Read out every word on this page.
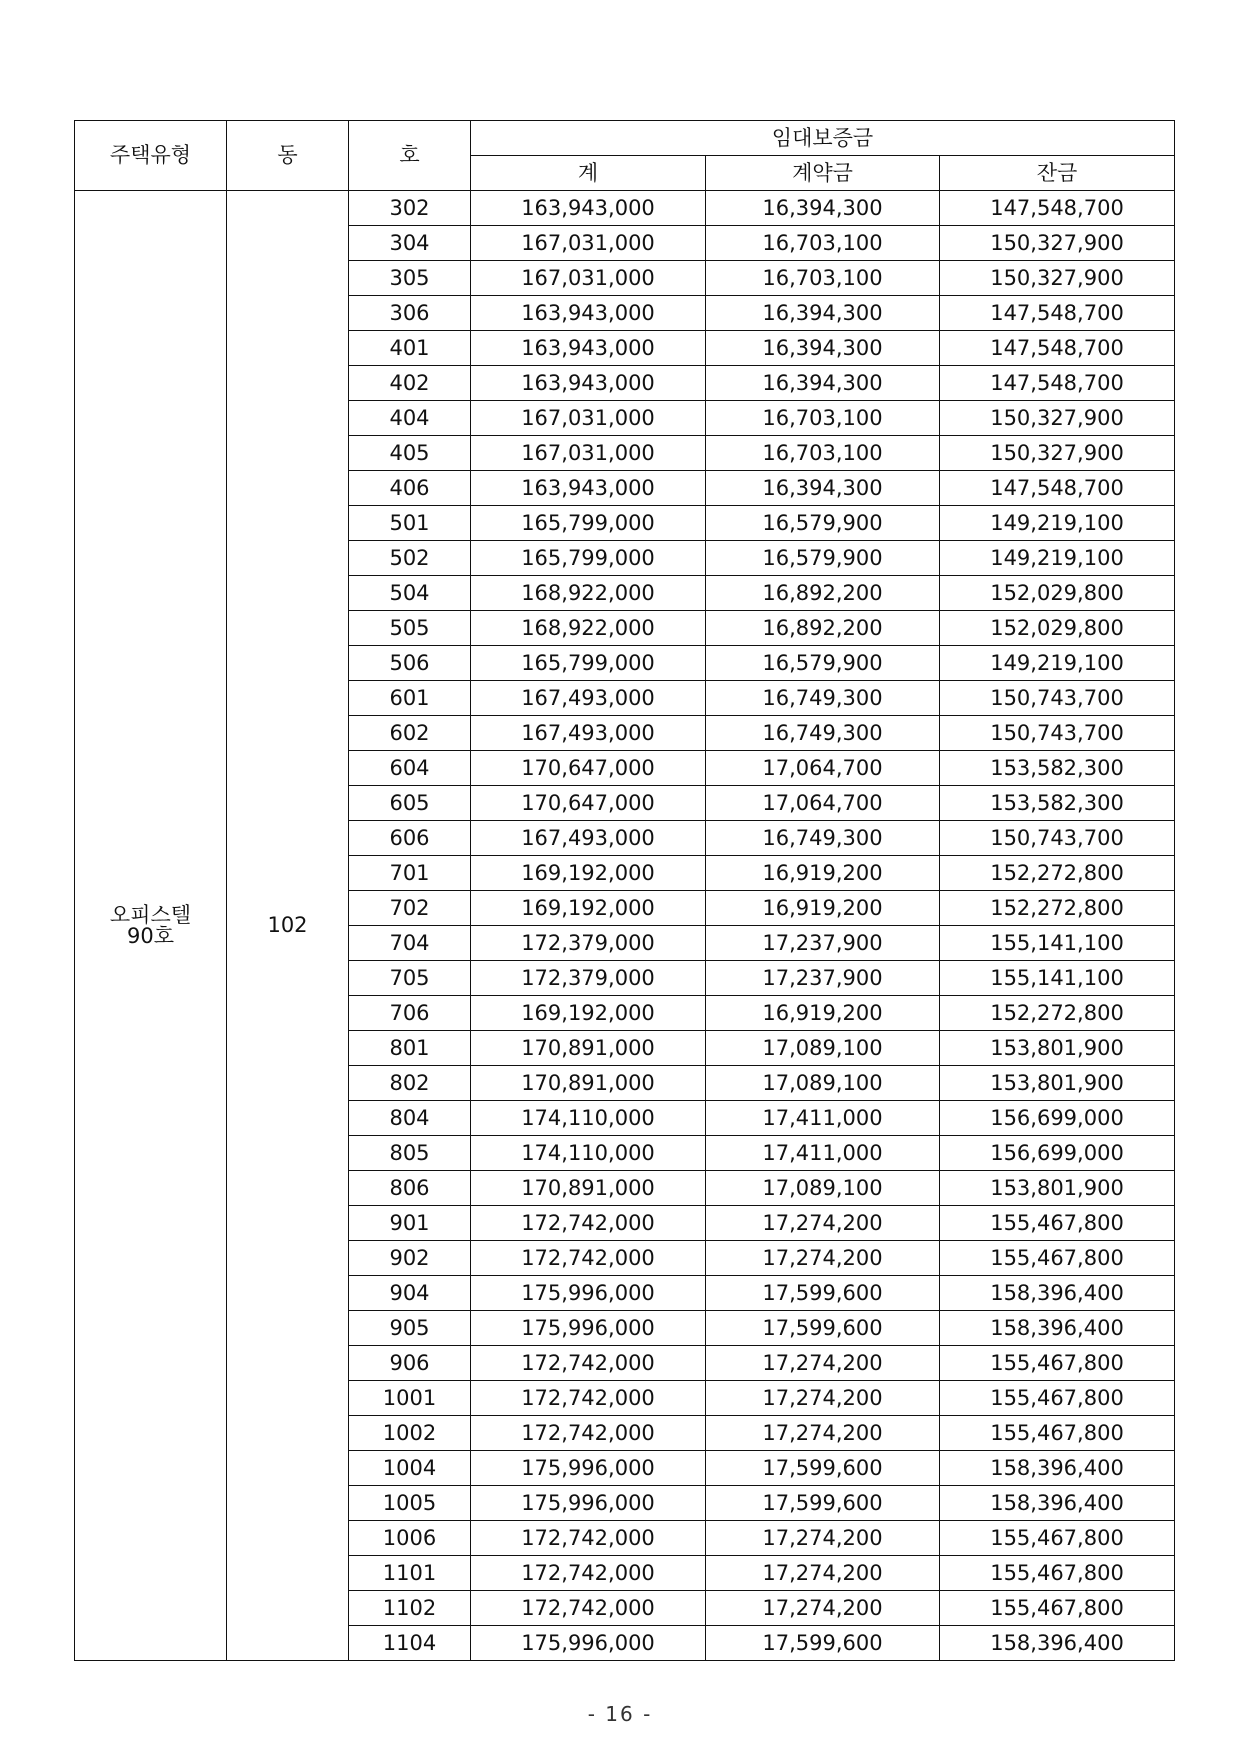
주택유형	동	호	임대보증금		
			계	계약금	잔금

오피스텔
90호	102	302	163,943,000	16,394,300	147,548,700
		304	167,031,000	16,703,100	150,327,900
		305	167,031,000	16,703,100	150,327,900
		306	163,943,000	16,394,300	147,548,700
		401	163,943,000	16,394,300	147,548,700
		402	163,943,000	16,394,300	147,548,700
		404	167,031,000	16,703,100	150,327,900
		405	167,031,000	16,703,100	150,327,900
		406	163,943,000	16,394,300	147,548,700
		501	165,799,000	16,579,900	149,219,100
		502	165,799,000	16,579,900	149,219,100
		504	168,922,000	16,892,200	152,029,800
		505	168,922,000	16,892,200	152,029,800
		506	165,799,000	16,579,900	149,219,100
		601	167,493,000	16,749,300	150,743,700
		602	167,493,000	16,749,300	150,743,700
		604	170,647,000	17,064,700	153,582,300
		605	170,647,000	17,064,700	153,582,300
		606	167,493,000	16,749,300	150,743,700
		701	169,192,000	16,919,200	152,272,800
		702	169,192,000	16,919,200	152,272,800
		704	172,379,000	17,237,900	155,141,100
		705	172,379,000	17,237,900	155,141,100
		706	169,192,000	16,919,200	152,272,800
		801	170,891,000	17,089,100	153,801,900
		802	170,891,000	17,089,100	153,801,900
		804	174,110,000	17,411,000	156,699,000
		805	174,110,000	17,411,000	156,699,000
		806	170,891,000	17,089,100	153,801,900
		901	172,742,000	17,274,200	155,467,800
		902	172,742,000	17,274,200	155,467,800
		904	175,996,000	17,599,600	158,396,400
		905	175,996,000	17,599,600	158,396,400
		906	172,742,000	17,274,200	155,467,800
		1001	172,742,000	17,274,200	155,467,800
		1002	172,742,000	17,274,200	155,467,800
		1004	175,996,000	17,599,600	158,396,400
		1005	175,996,000	17,599,600	158,396,400
		1006	172,742,000	17,274,200	155,467,800
		1101	172,742,000	17,274,200	155,467,800
		1102	172,742,000	17,274,200	155,467,800
		1104	175,996,000	17,599,600	158,396,400
- 16 -
